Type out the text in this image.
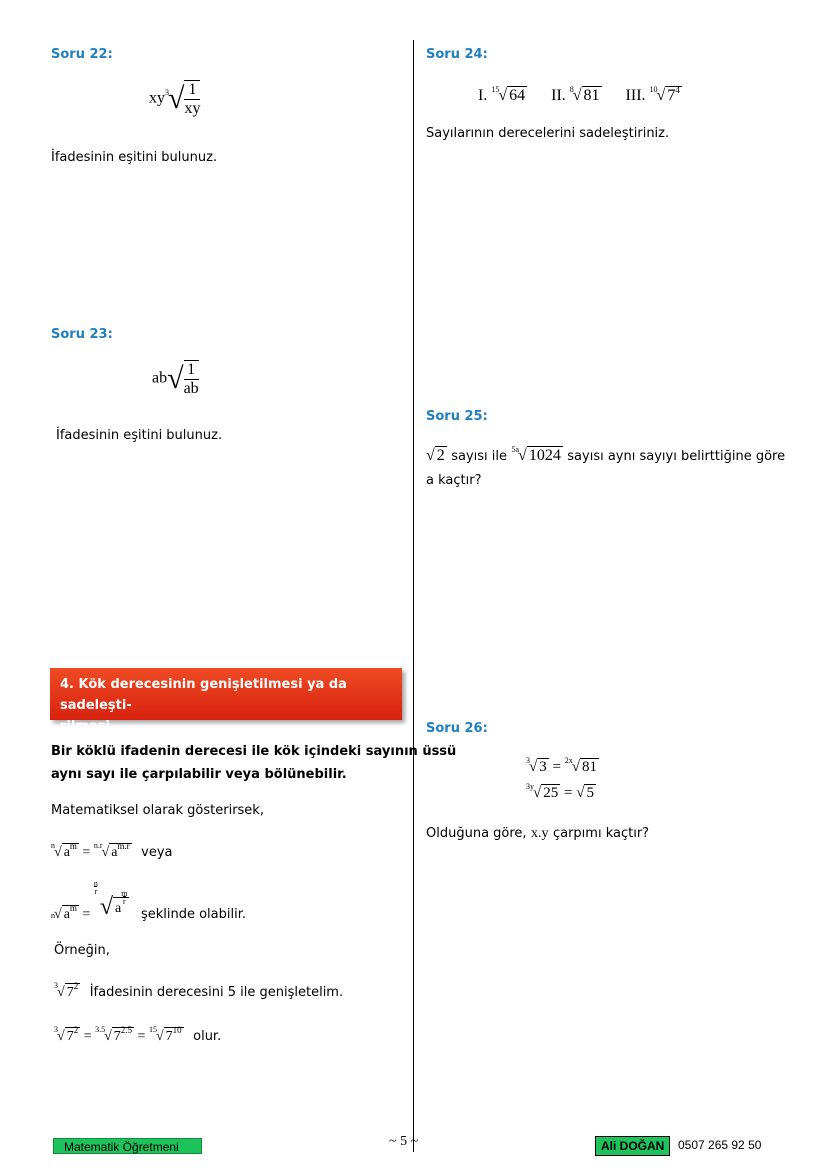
Soru 22:
$xy^3√ \frac{1}{xy}$
İfadesinin eşitini bulunuz.
Soru 23:
$ab√ \frac{1}{ab}$
İfadesinin eşitini bulunuz.
4. Kök derecesinin genişletilmesi ya da sadeleşti-
rilmesi
Bir köklü ifadenin derecesi ile kök içindeki sayının üssü
aynı sayı ile çarpılabilir veya bölünebilir.
Matematiksel olarak gösterirsek,
$^n$√ $a^m = ^{n.r}√$ $a^{m.r}$ veya
$_n$√ $a^m$ =
n
r
√ am
r şeklinde olabilir.
Örneğin,
$^3$√ $7^2$ İfadesinin derecesini 5 ile genişletelim.
$^3$√ $7^2 = ^{3.5}√$ $7^{2.5} = ^{15}√$ $7^{10}$ olur.
Soru 24:
I. $^{15}$√ 64 II. $^8$√ 81 III. $^{10}$√ $7^4$
Sayılarının derecelerini sadeleştiriniz.
Soru 25:
√ 2 sayısı ile $^{5a}$√ 1024 sayısı aynı sayıyı belirttiğine göre
a kaçtır?
Soru 26:
$^3$√ 3 = $^{2x}$√ 81
$^{3y}$√ 25 = √ 5
Olduğuna göre, x.y çarpımı kaçtır?
Matematik Öğretmeni	~ 5 ~	Ali DOĞAN	0507 265 92 50
